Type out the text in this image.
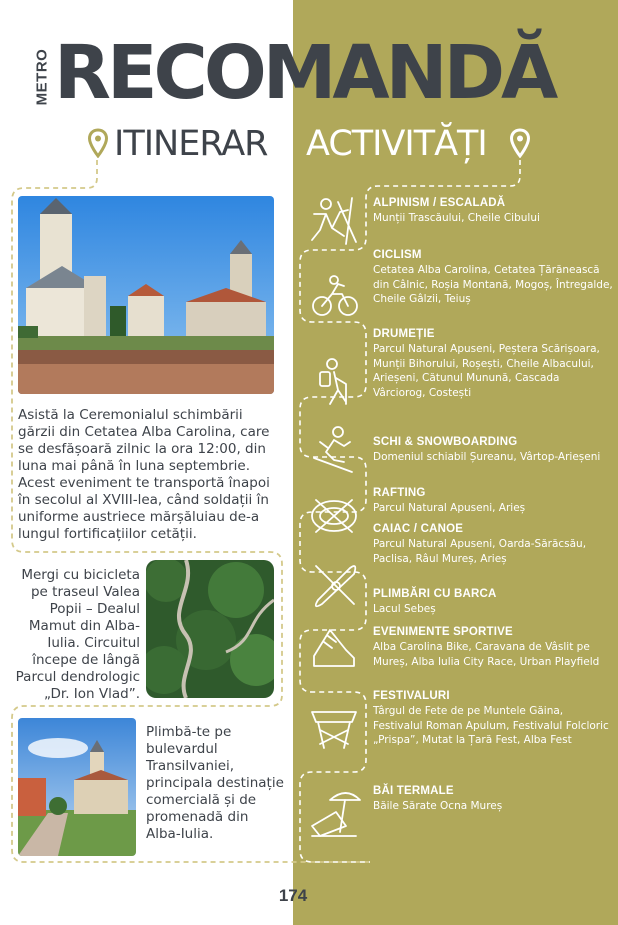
METRO RECOMANDĂ
ITINERAR ACTIVITĂȚI
Asistă la Ceremonialul schimbării gărzii din Cetatea Alba Carolina, care se desfășoară zilnic la ora 12:00, din luna mai până în luna septembrie. Acest eveniment te transportă înapoi în secolul al XVIII-lea, când soldații în uniforme austriece mărșăluiau de-a lungul fortificațiilor cetății.
Mergi cu bicicleta pe traseul Valea Popii – Dealul Mamut din Alba-Iulia. Circuitul începe de lângă Parcul dendrologic „Dr. Ion Vlad”.
Plimbă-te pe bulevardul Transilvaniei, principala destinație comercială și de promenadă din Alba-Iulia.
ALPINISM / ESCALADĂ
Munții Trascăului, Cheile Cibului
CICLISM
Cetatea Alba Carolina, Cetatea Țărănească din Câlnic, Roșia Montană, Mogoș, Întregalde, Cheile Gâlzii, Teiuș
DRUMEȚIE
Parcul Natural Apuseni, Peștera Scărișoara, Munții Bihorului, Roșești, Cheile Albacului, Arieșeni, Cătunul Munună, Cascada Vârciorog, Costești
SCHI & SNOWBOARDING
Domeniul schiabil Șureanu, Vârtop-Arieșeni
RAFTING
Parcul Natural Apuseni, Arieș
CAIAC / CANOE
Parcul Natural Apuseni, Oarda-Sărăcsău, Paclisa, Râul Mureș, Arieș
PLIMBĂRI CU BARCA
Lacul Sebeș
EVENIMENTE SPORTIVE
Alba Carolina Bike, Caravana de Vâslit pe Mureș, Alba Iulia City Race, Urban Playfield
FESTIVALURI
Târgul de Fete de pe Muntele Găina, Festivalul Roman Apulum, Festivalul Folcloric „Prispa”, Mutat la Țară Fest, Alba Fest
BĂI TERMALE
Băile Sărate Ocna Mureș
174
